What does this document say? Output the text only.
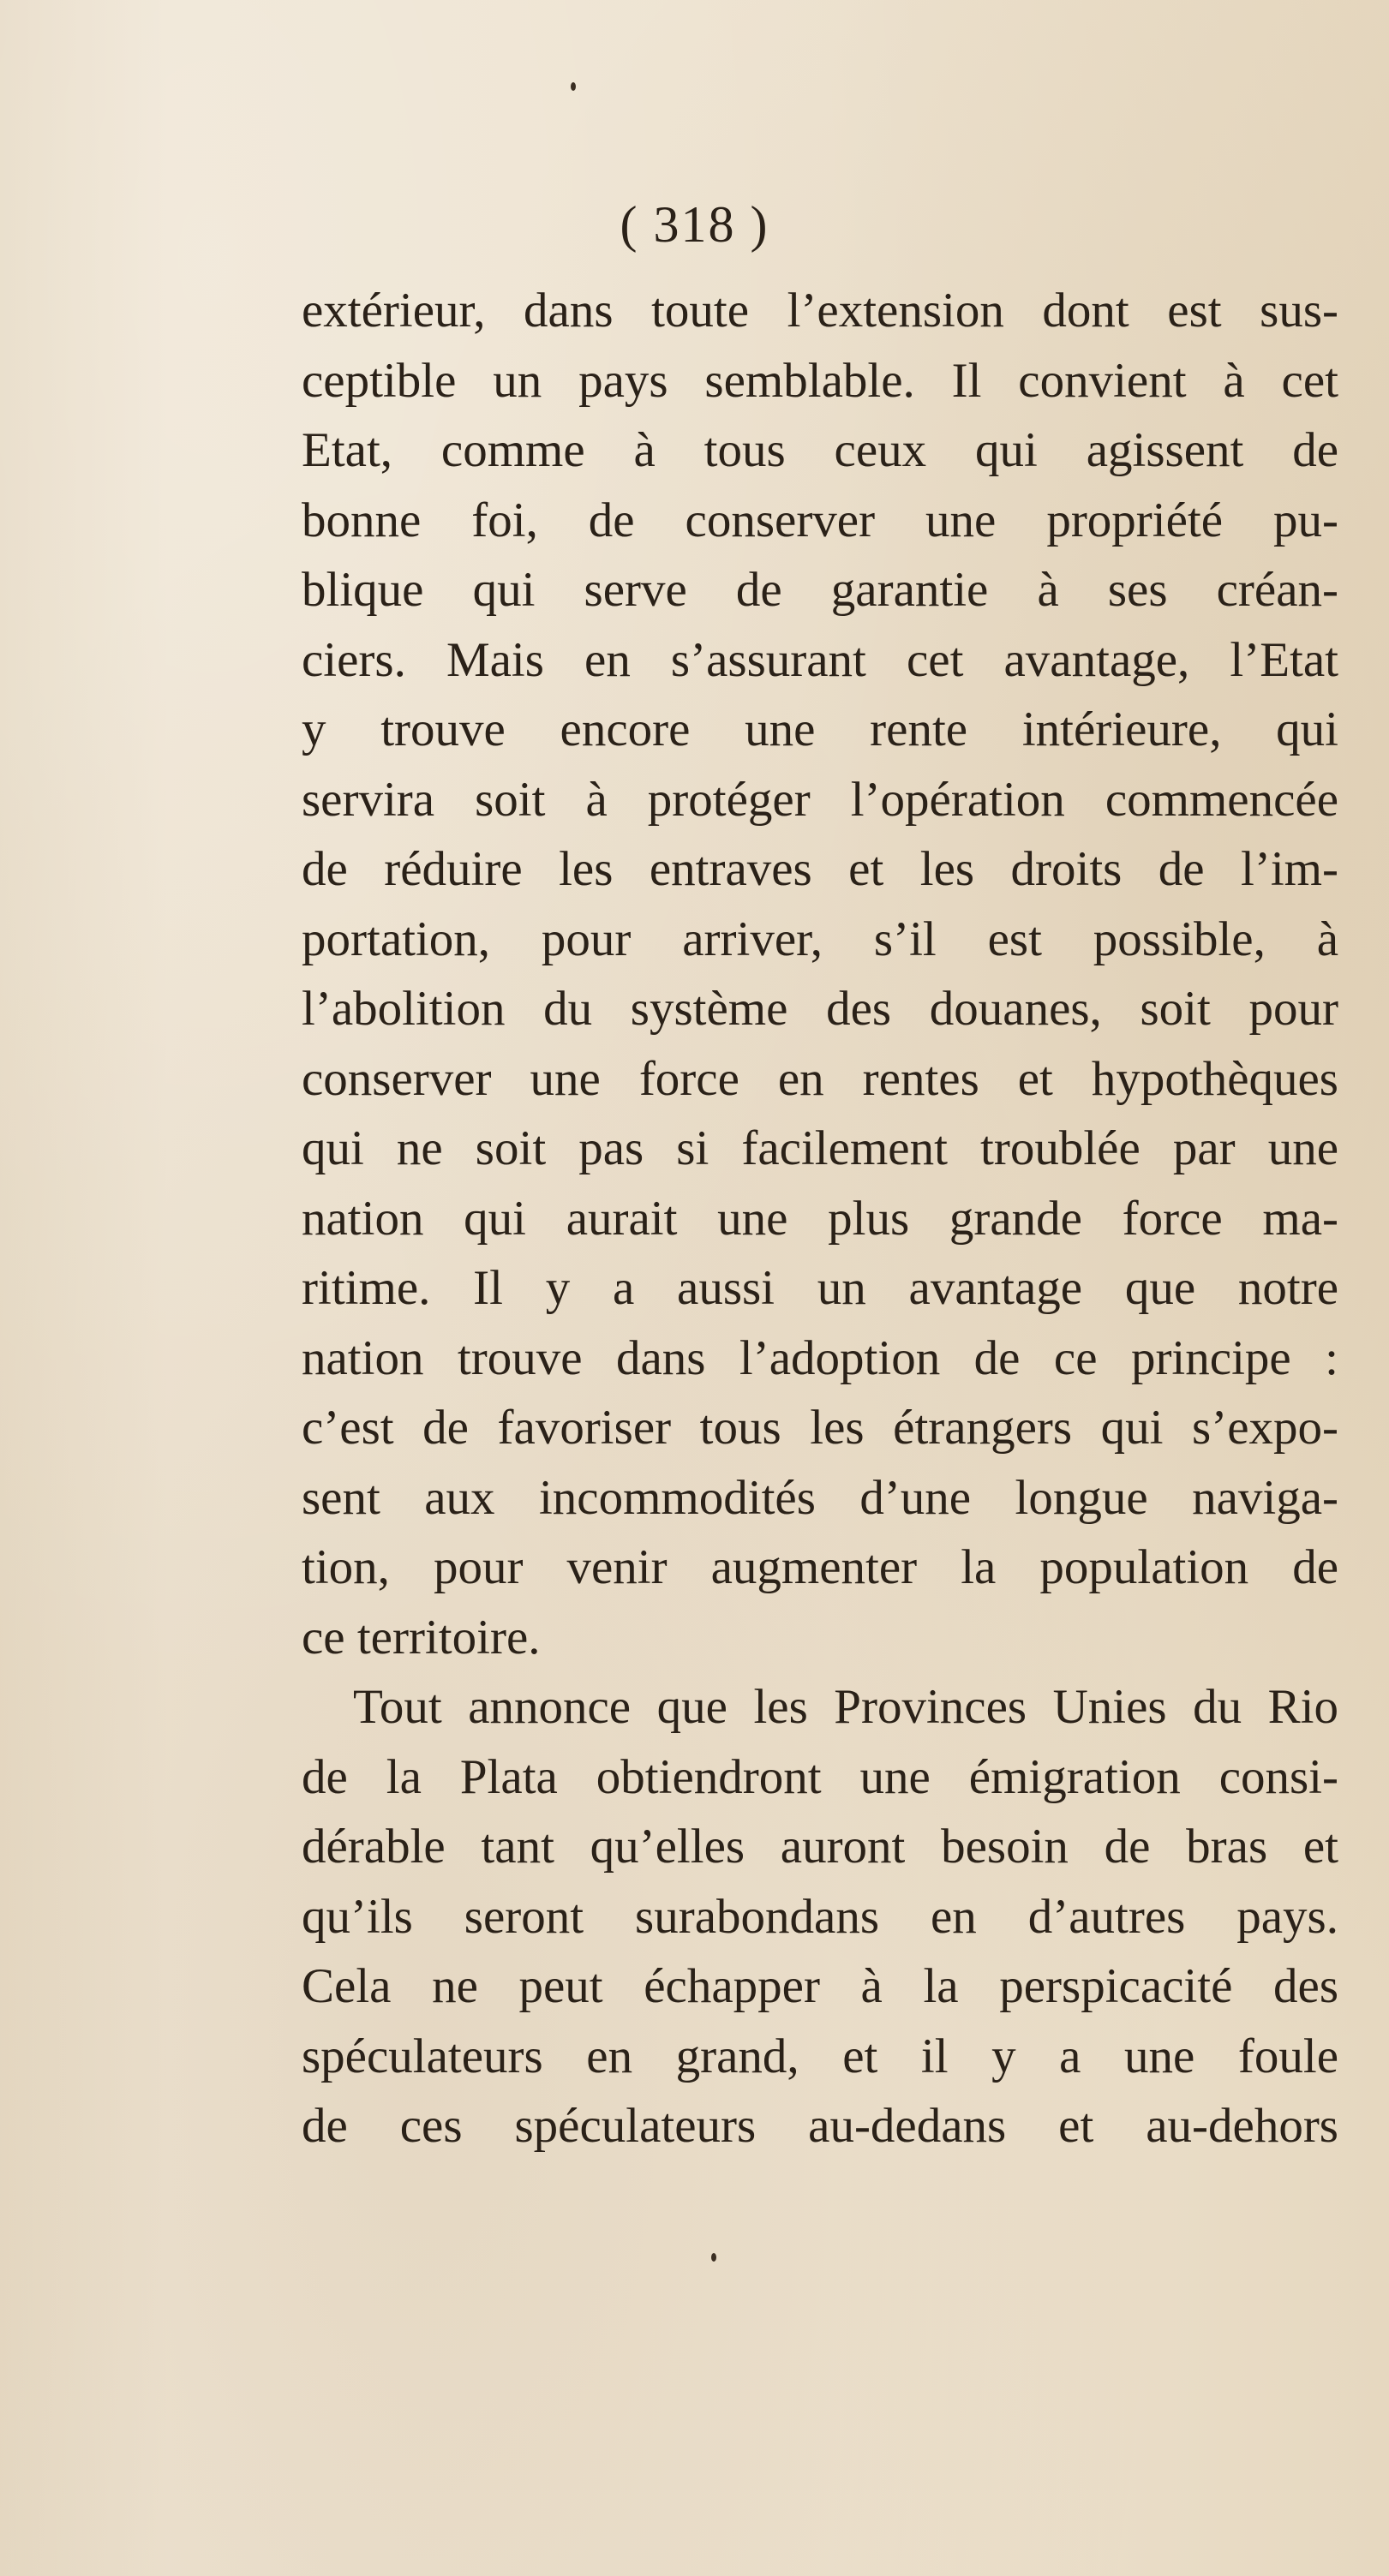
( 318 )
extérieur, dans toute l’extension dont est sus-
ceptible un pays semblable. Il convient à cet
Etat, comme à tous ceux qui agissent de
bonne foi, de conserver une propriété pu-
blique qui serve de garantie à ses créan-
ciers. Mais en s’assurant cet avantage, l’Etat
y trouve encore une rente intérieure, qui
servira soit à protéger l’opération commencée
de réduire les entraves et les droits de l’im-
portation, pour arriver, s’il est possible, à
l’abolition du système des douanes, soit pour
conserver une force en rentes et hypothèques
qui ne soit pas si facilement troublée par une
nation qui aurait une plus grande force ma-
ritime. Il y a aussi un avantage que notre
nation trouve dans l’adoption de ce principe :
c’est de favoriser tous les étrangers qui s’expo-
sent aux incommodités d’une longue naviga-
tion, pour venir augmenter la population de
ce territoire.
Tout annonce que les Provinces Unies du Rio
de la Plata obtiendront une émigration consi-
dérable tant qu’elles auront besoin de bras et
qu’ils seront surabondans en d’autres pays.
Cela ne peut échapper à la perspicacité des
spéculateurs en grand, et il y a une foule
de ces spéculateurs au-dedans et au-dehors
